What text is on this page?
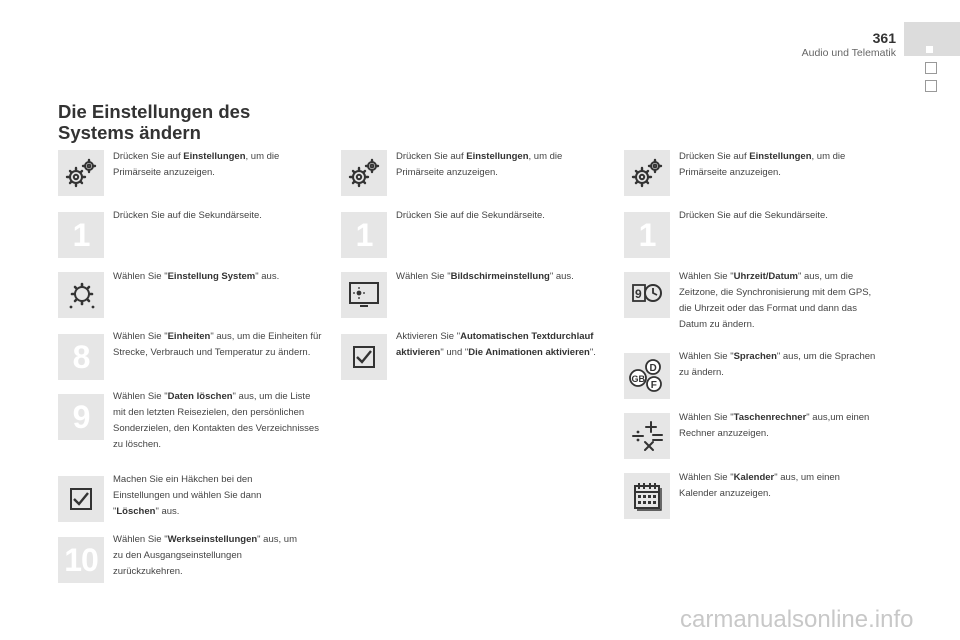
361
Audio und Telematik
Die Einstellungen des
Systems ändern
Drücken Sie auf Einstellungen, um die Primärseite anzuzeigen.
1
Drücken Sie auf die Sekundärseite.
Wählen Sie "Einstellung System" aus.
8
Wählen Sie "Einheiten" aus, um die Einheiten für Strecke, Verbrauch und Temperatur zu ändern.
9
Wählen Sie "Daten löschen" aus, um die Liste mit den letzten Reisezielen, den persönlichen Sonderzielen, den Kontakten des Verzeichnisses zu löschen.
Machen Sie ein Häkchen bei den Einstellungen und wählen Sie dann "Löschen" aus.
10
Wählen Sie "Werkseinstellungen" aus, um zu den Ausgangseinstellungen zurückzukehren.
Drücken Sie auf Einstellungen, um die Primärseite anzuzeigen.
1
Drücken Sie auf die Sekundärseite.
Wählen Sie "Bildschirmeinstellung" aus.
Aktivieren Sie "Automatischen Textdurchlauf aktivieren" und "Die Animationen aktivieren".
Drücken Sie auf Einstellungen, um die Primärseite anzuzeigen.
1
Drücken Sie auf die Sekundärseite.
9
Wählen Sie "Uhrzeit/Datum" aus, um die Zeitzone, die Synchronisierung mit dem GPS, die Uhrzeit oder das Format und dann das Datum zu ändern.
D
GB
F
Wählen Sie "Sprachen" aus, um die Sprachen zu ändern.
Wählen Sie "Taschenrechner" aus,um einen Rechner anzuzeigen.
Wählen Sie "Kalender" aus, um einen Kalender anzuzeigen.
carmanualsonline.info
